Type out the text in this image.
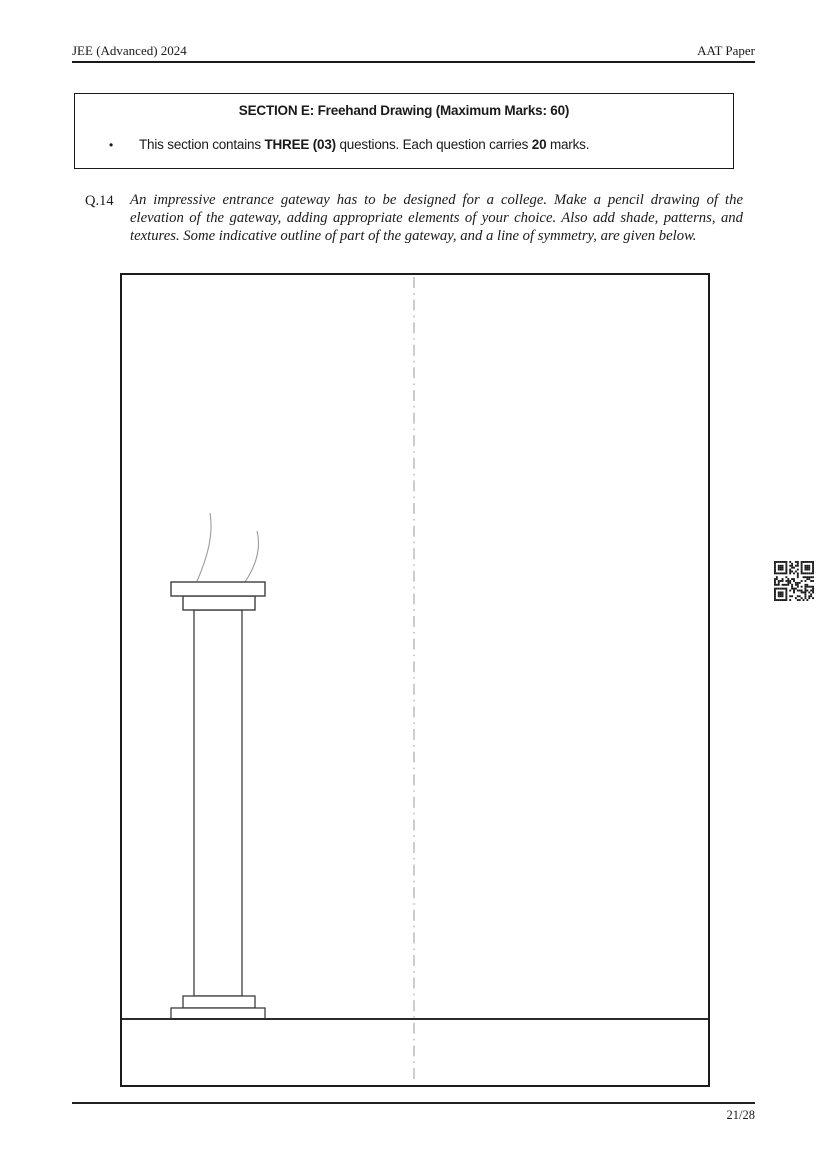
JEE (Advanced) 2024	AAT Paper
SECTION E: Freehand Drawing (Maximum Marks: 60)
• This section contains THREE (03) questions. Each question carries 20 marks.
Q.14 An impressive entrance gateway has to be designed for a college. Make a pencil drawing of the elevation of the gateway, adding appropriate elements of your choice. Also add shade, patterns, and textures. Some indicative outline of part of the gateway, and a line of symmetry, are given below.

21/28
